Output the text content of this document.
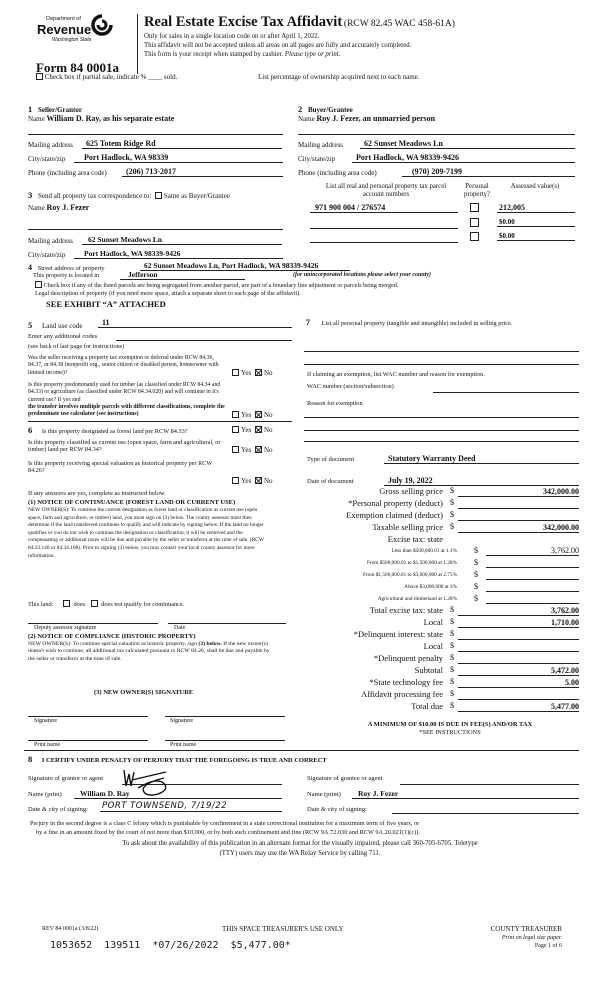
Department of
Revenue
Washington State
Form 84 0001a
Real Estate Excise Tax Affidavit (RCW 82.45 WAC 458-61A)
Only for sales in a single location code on or after April 1, 2022.
This affidavit will not be accepted unless all areas on all pages are fully and accurately completed.
This form is your receipt when stamped by cashier. Please type or print.
Check box if partial sale, indicate % ____ sold.	List percentage of ownership acquired next to each name.
1 Seller/Grantor
Name William D. Ray, as his separate estate
Mailing address	625 Totem Ridge Rd
City/state/zip	Port Hadlock, WA 98339
Phone (including area code)	(206) 713-2017
2 Buyer/Grantee
Name Roy J. Fezer, an unmarried person
Mailing address	62 Sunset Meadows Ln
City/state/zip	Port Hadlock, WA 98339-9426
Phone (including area code)	(970) 209-7199
List all real and personal property tax parcel account numbers
Personal property?
Assessed value(s)
971 900 004 / 276574	212,005
$0.00
$0.00
3 Send all property tax correspondence to: Same as Buyer/Grantee
Name Roy J. Fezer
Mailing address	62 Sunset Meadows Ln
City/state/zip	Port Hadlock, WA 98339-9426
4 Street address of property	62 Sunset Meadows Ln, Port Hadlock, WA 98339-9426
This property is located in	Jefferson	(for unincorporated locations please select your county)
Check box if any of the listed parcels are being segregated from another parcel, are part of a boundary line adjustment or parcels being merged.
Legal description of property (if you need more space, attach a separate sheet to each page of the affidavit).
SEE EXHIBIT “A” ATTACHED
5 Land use code	11
Enter any additional codes
(see back of last page for instructions)
Was the seller receiving a property tax exemption or deferral under RCW 84.36, 84.37, or 84.38 (nonprofit org., senior citizen or disabled person, homeowner with limited income)?	Yes No
Is this property predominantly used for timber (as classified under RCW 84.34 and 84.33) or agriculture (as classified under RCW 84.34.020) and will continue in it's current use? If yes and
the transfer involves multiple parcels with different classifications, complete the predominate use calculator (see instructions)	Yes No
6 Is this property designated as forest land per RCW 84.33?	Yes No
Is this property classified as current use (open space, farm and agricultural, or timber) land per RCW 84.34?	Yes No
Is this property receiving special valuation as historical property per RCW 84.26?
Yes No
If any answers are yes, complete as instructed below.
(1) NOTICE OF CONTINUANCE (FOREST LAND OR CURRENT USE)
NEW OWNER(S): To continue the current designation as forest land or classification as current use (open space, farm and agriculture, or timber) land, you must sign on (3) below. The county assessor must then determine if the land transferred continues to qualify and will indicate by signing below. If the land no longer qualifies or you do not wish to continue the designation or classification, it will be removed and the compensating or additional taxes will be due and payable by the seller or transferor at the time of sale. (RCW 84.33.140 or 84.34.108). Prior to signing (3) below, you may contact your local county assessor for more information.
This land:	does	does not qualify for continuance.
Deputy assessor signature	Date
(2) NOTICE OF COMPLIANCE (HISTORIC PROPERTY)
NEW OWNER(S): To continue special valuation as historic property, sign (3) below. If the new owner(s) doesn't wish to continue, all additional tax calculated pursuant to RCW 84.26, shall be due and payable by the seller or transferor at the time of sale.
(3) NEW OWNER(S) SIGNATURE
Signature	Signature
Print name	Print name
7 List all personal property (tangible and intangible) included in selling price.
If claiming an exemption, list WAC number and reason for exemption.
WAC number (section/subsection)
Reason for exemption
Type of document	Statutory Warranty Deed
Date of document	July 19, 2022
Gross selling price $	342,000.00
*Personal property (deduct) $
Exemption claimed (deduct) $
Taxable selling price $	342,000.00
Excise tax: state
Less than $500,000.01 at 1.1% $	3,762.00
From $500,000.01 to $1,500,000 at 1.28% $
From $1,500,000.01 to $3,000,000 at 2.75% $
Above $3,000,000 at 3% $
Agricultural and timberland at 1.28% $
Total excise tax: state $	3,762.00
Local $	1,710.00
*Delinquent interest: state $
Local $
*Delinquent penalty $
Subtotal $	5,472.00
*State technology fee $	5.00
Affidavit processing fee $
Total due $	5,477.00
A MINIMUM OF $10.00 IS DUE IN FEE(S) AND/OR TAX
*SEE INSTRUCTIONS
8 I CERTIFY UNDER PENALTY OF PERJURY THAT THE FOREGOING IS TRUE AND CORRECT
Signature of grantor or agent	Signature of grantee or agent
Name (print)	William D. Ray	Name (print)	Roy J. Fezer
Date & city of signing: PORT TOWNSEND, 7/19/22	Date & city of signing:
Perjury in the second degree is a class C felony which is punishable by confinement in a state correctional institution for a maximum term of five years, or
by a fine in an amount fixed by the court of not more than $10,000, or by both such confinement and fine (RCW 9A.72.030 and RCW 9A.20.021(1)(c)).
To ask about the availability of this publication in an alternate format for the visually impaired, please call 360-705-6705. Teletype
(TTY) users may use the WA Relay Service by calling 711.
REV 84 0001a (3/8/22)	THIS SPACE TREASURER'S USE ONLY	COUNTY TREASURER
Print on legal size paper.
Page 1 of 6
1053652  139511  *07/26/2022  $5,477.00*
